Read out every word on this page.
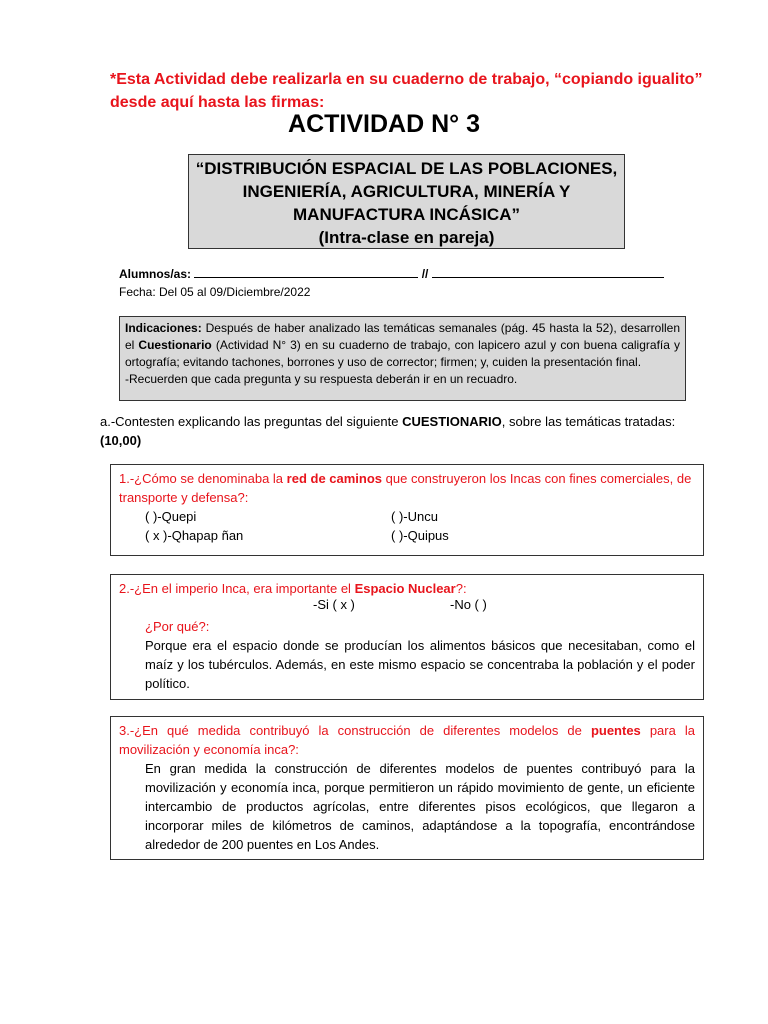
*Esta Actividad debe realizarla en su cuaderno de trabajo, “copiando igualito” desde aquí hasta las firmas:
ACTIVIDAD N° 3
“DISTRIBUCIÓN ESPACIAL DE LAS POBLACIONES,
INGENIERÍA, AGRICULTURA, MINERÍA Y
MANUFACTURA INCÁSICA”
(Intra-clase en pareja)
Alumnos/as:	//
Fecha: Del 05 al 09/Diciembre/2022
Indicaciones: Después de haber analizado las temáticas semanales (pág. 45 hasta la 52), desarrollen el Cuestionario (Actividad N° 3) en su cuaderno de trabajo, con lapicero azul y con buena caligrafía y ortografía; evitando tachones, borrones y uso de corrector; firmen; y, cuiden la presentación final.
-Recuerden que cada pregunta y su respuesta deberán ir en un recuadro.
a.-Contesten explicando las preguntas del siguiente CUESTIONARIO, sobre las temáticas tratadas: (10,00)
1.-¿Cómo se denominaba la red de caminos que construyeron los Incas con fines comerciales, de transporte y defensa?:
( )-Quepi
( x )-Qhapap ñan
( )-Uncu
( )-Quipus
2.-¿En el imperio Inca, era importante el Espacio Nuclear?:
-Si ( x )	-No ( )
¿Por qué?:
Porque era el espacio donde se producían los alimentos básicos que necesitaban, como el maíz y los tubérculos. Además, en este mismo espacio se concentraba la población y el poder político.
3.-¿En qué medida contribuyó la construcción de diferentes modelos de puentes para la movilización y economía inca?:
En gran medida la construcción de diferentes modelos de puentes contribuyó para la movilización y economía inca, porque permitieron un rápido movimiento de gente, un eficiente intercambio de productos agrícolas, entre diferentes pisos ecológicos, que llegaron a incorporar miles de kilómetros de caminos, adaptándose a la topografía, encontrándose alrededor de 200 puentes en Los Andes.
